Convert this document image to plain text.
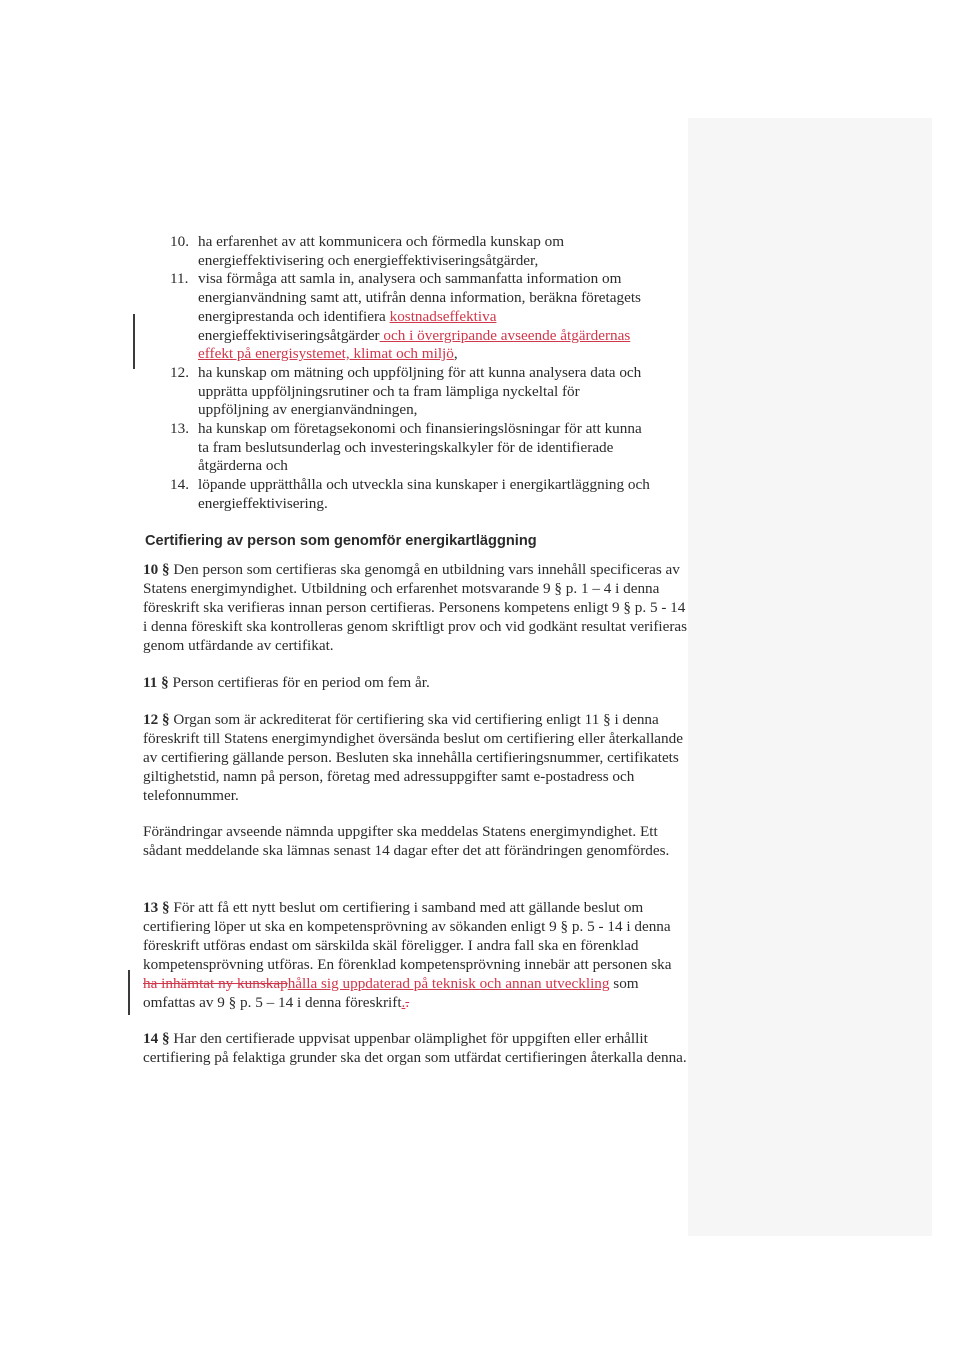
10. ha erfarenhet av att kommunicera och förmedla kunskap om
energieffektivisering och energieffektiviseringsåtgärder,
11. visa förmåga att samla in, analysera och sammanfatta information om
energianvändning samt att, utifrån denna information, beräkna företagets
energiprestanda och identifiera kostnadseffektiva
energieffektiviseringsåtgärder och i övergripande avseende åtgärdernas
effekt på energisystemet, klimat och miljö,
12. ha kunskap om mätning och uppföljning för att kunna analysera data och
upprätta uppföljningsrutiner och ta fram lämpliga nyckeltal för
uppföljning av energianvändningen,
13. ha kunskap om företagsekonomi och finansieringslösningar för att kunna
ta fram beslutsunderlag och investeringskalkyler för de identifierade
åtgärderna och
14. löpande upprätthålla och utveckla sina kunskaper i energikartläggning och
energieffektivisering.
Certifiering av person som genomför energikartläggning
10 § Den person som certifieras ska genomgå en utbildning vars innehåll specificeras av Statens energimyndighet. Utbildning och erfarenhet motsvarande 9 § p. 1 – 4 i denna föreskrift ska verifieras innan person certifieras. Personens kompetens enligt 9 § p. 5 - 14 i denna föreskift ska kontrolleras genom skriftligt prov och vid godkänt resultat verifieras genom utfärdande av certifikat.
11 § Person certifieras för en period om fem år.
12 § Organ som är ackrediterat för certifiering ska vid certifiering enligt 11 § i denna föreskrift till Statens energimyndighet översända beslut om certifiering eller återkallande av certifiering gällande person. Besluten ska innehålla certifieringsnummer, certifikatets giltighetstid, namn på person, företag med adressuppgifter samt e-postadress och telefonnummer.
Förändringar avseende nämnda uppgifter ska meddelas Statens energimyndighet. Ett sådant meddelande ska lämnas senast 14 dagar efter det att förändringen genomfördes.
13 § För att få ett nytt beslut om certifiering i samband med att gällande beslut om certifiering löper ut ska en kompetensprövning av sökanden enligt 9 § p. 5 - 14 i denna föreskrift utföras endast om särskilda skäl föreligger. I andra fall ska en förenklad kompetensprövning utföras. En förenklad kompetensprövning innebär att personen ska ha inhämtat ny kunskaphålla sig uppdaterad på teknisk och annan utveckling som omfattas av 9 § p. 5 – 14 i denna föreskrift..
14 § Har den certifierade uppvisat uppenbar olämplighet för uppgiften eller erhållit certifiering på felaktiga grunder ska det organ som utfärdat certifieringen återkalla denna.
